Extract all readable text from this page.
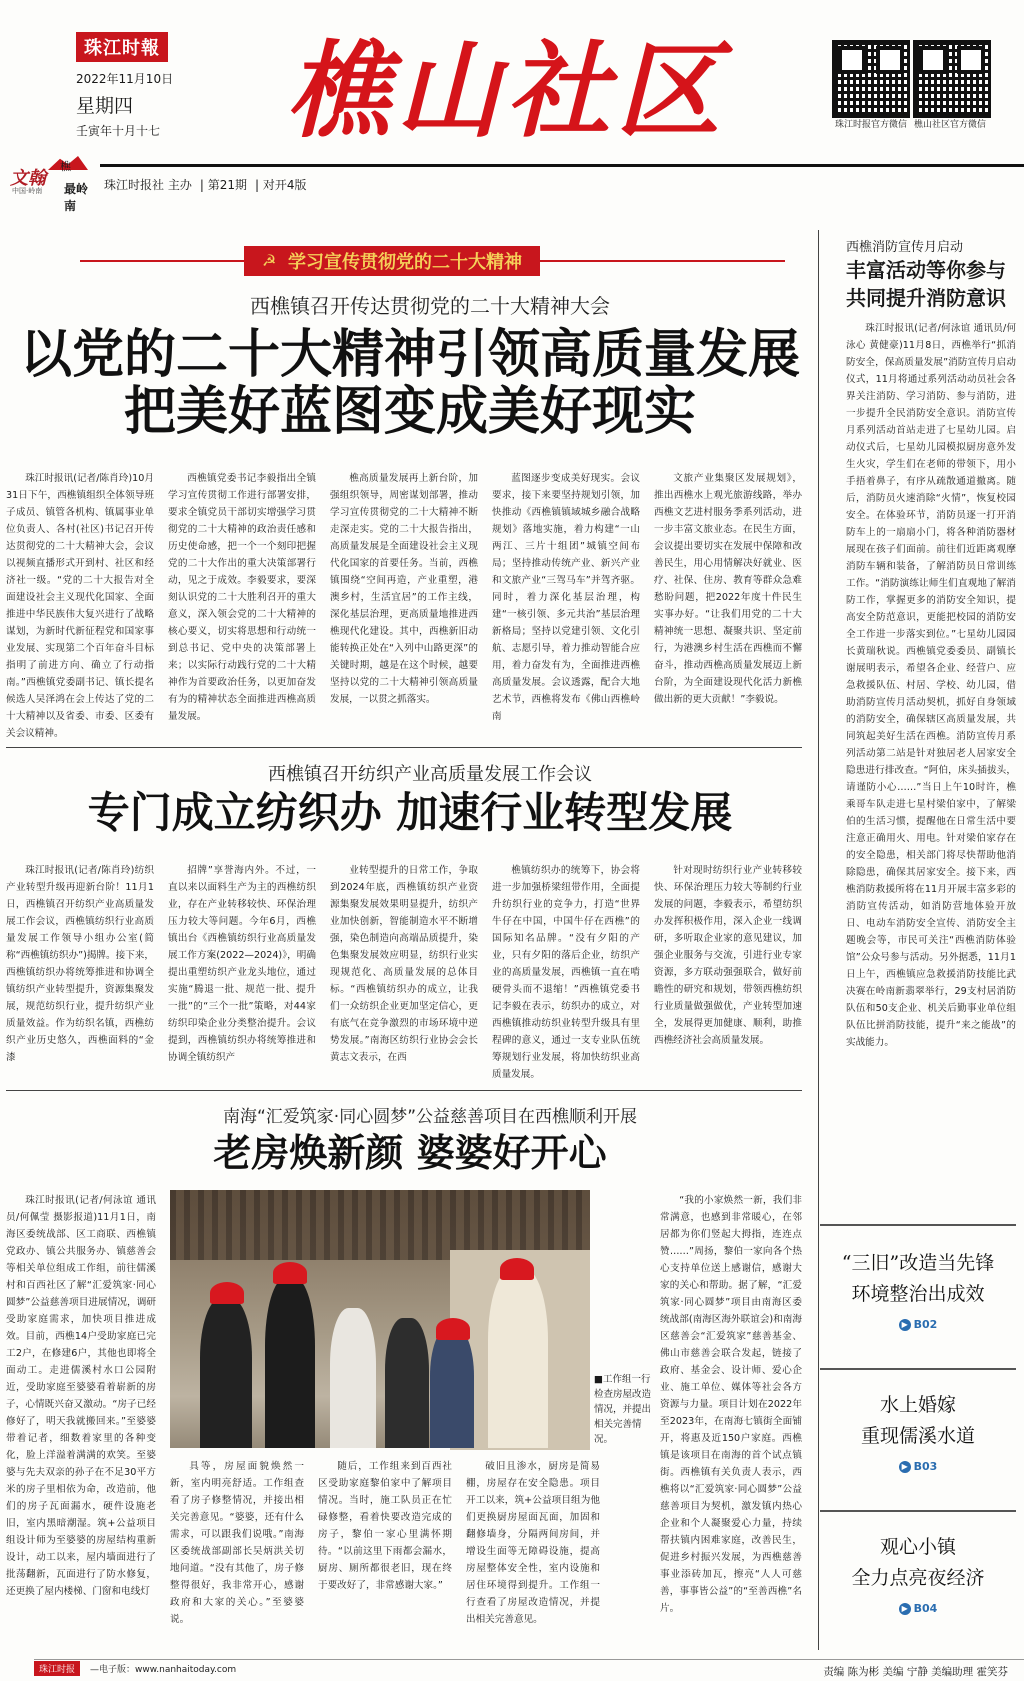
珠江时報
2022年11月10日
星期四
壬寅年十月十七 樵山社区	珠江时报官方微信 樵山社区官方微信
文翰
樵
中国·岭南 最岭南
珠江时报社 主办 | 第21期 | 对开4版
☭ 学习宣传贯彻党的二十大精神
西樵镇召开传达贯彻党的二十大精神大会
以党的二十大精神引领高质量发展
把美好蓝图变成美好现实

珠江时报讯(记者/陈肖玲)10月31日下午，西樵镇组织全体领导班子成员、镇管各机构、镇属事业单位负责人、各村(社区)书记召开传达贯彻党的二十大精神大会，会议以视频直播形式开到村、社区和经济社一级。“党的二十大报告对全面建设社会主义现代化国家、全面推进中华民族伟大复兴进行了战略谋划，为新时代新征程党和国家事业发展、实现第二个百年奋斗目标指明了前进方向、确立了行动指南。”西樵镇党委副书记、镇长提名候选人吴泽鸿在会上传达了党的二十大精神以及省委、市委、区委有关会议精神。

西樵镇党委书记李毅指出全镇学习宣传贯彻工作进行部署安排，要求全镇党员干部切实增强学习贯彻党的二十大精神的政治责任感和历史使命感，把一个一个刻印把握党的二十大作出的重大决策部署行动，见之于成效。李毅要求，要深刻认识党的二十大胜利召开的重大意义，深入领会党的二十大精神的核心要义，切实将思想和行动统一到总书记、党中央的决策部署上来；以实际行动践行党的二十大精神作为首要政治任务，以更加奋发有为的精神状态全面推进西樵高质量发展。

樵高质量发展再上新台阶，加强组织领导，周密谋划部署，推动学习宣传贯彻党的二十大精神不断走深走实。党的二十大报告指出，高质量发展是全面建设社会主义现代化国家的首要任务。当前，西樵镇围绕“空间再造，产业重塑，港澳乡村，生活宜居”的工作主线，深化基层治理，更高质量地推进西樵现代化建设。其中，西樵新旧动能转换正处在“入列中山路更深”的关键时期，越是在这个时候，越要坚持以党的二十大精神引领高质量发展，一以贯之抓落实。

蓝图逐步变成美好现实。会议要求，接下来要坚持规划引领，加快推动《西樵镇镇域城乡融合战略规划》落地实施，着力构建“一山两江、三片十组团”城镇空间布局；坚持推动传统产业、新兴产业和文旅产业“三驾马车”并驾齐驱。同时，着力深化基层治理，构建“一核引领、多元共治”基层治理新格局；坚持以党建引领、文化引航、志愿引导，着力推动智能合应用，着力奋发有为，全面推进西樵高质量发展。会议透露，配合大地艺术节，西樵将发布《佛山西樵岭南

文旅产业集聚区发展规划》，推出西樵水上观光旅游线路，举办西樵文艺进村服务季系列活动，进一步丰富文旅业态。在民生方面，会议提出要切实在发展中保障和改善民生，用心用情解决好就业、医疗、社保、住房、教育等群众急难愁盼问题，把2022年度十件民生实事办好。“让我们用党的二十大精神统一思想、凝聚共识、坚定前行，为港澳乡村生活在西樵而不懈奋斗，推动西樵高质量发展迈上新台阶，为全面建设现代化活力新樵做出新的更大贡献！”李毅说。

西樵镇召开纺织产业高质量发展工作会议
专门成立纺织办 加速行业转型发展

珠江时报讯(记者/陈肖玲)纺织产业转型升级再迎新台阶！11月1日，西樵镇召开纺织产业高质量发展工作会议，西樵镇纺织行业高质量发展工作领导小组办公室(简称“西樵镇纺织办”)揭牌。接下来，西樵镇纺织办将统筹推进和协调全镇纺织产业转型提升，资源集聚发展，规范纺织行业，提升纺织产业质量效益。作为纺织名镇，西樵纺织产业历史悠久，西樵面料的“金漆

招牌”享誉海内外。不过，一直以来以面料生产为主的西樵纺织业，存在产业转移较快、环保治理压力较大等问题。今年6月，西樵镇出台《西樵镇纺织行业高质量发展工作方案(2022—2024)》，明确提出重塑纺织产业龙头地位，通过实施“腾退一批、规范一批、提升一批”的“三个一批”策略，对44家纺织印染企业分类整治提升。会议提到，西樵镇纺织办将统筹推进和协调全镇纺织产

业转型提升的日常工作，争取到2024年底，西樵镇纺织产业资源集聚发展效果明显提升，纺织产业加快创新，智能制造水平不断增强，染色制造向高端品质提升，染色集聚发展效应明显，纺织行业实现规范化、高质量发展的总体目标。“西樵镇纺织办的成立，让我们一众纺织企业更加坚定信心，更有底气在竞争激烈的市场环境中逆势发展。”南海区纺织行业协会会长黄志文表示，在西

樵镇纺织办的统筹下，协会将进一步加强桥梁纽带作用，全面提升纺织行业的竞争力，打造“世界牛仔在中国，中国牛仔在西樵”的国际知名品牌。“没有夕阳的产业，只有夕阳的落后企业，纺织产业的高质量发展，西樵镇一直在啃硬骨头而不退缩！”西樵镇党委书记李毅在表示，纺织办的成立，对西樵镇推动纺织业转型升级具有里程碑的意义，通过一支专业队伍统筹规划行业发展，将加快纺织业高质量发展。

针对现时纺织行业产业转移较快、环保治理压力较大等制约行业发展的问题，李毅表示，希望纺织办发挥积极作用，深入企业一线调研，多听取企业家的意见建议，加强企业服务与交流，引进行业专家资源，多方联动强强联合，做好前瞻性的研究和规划，带领西樵纺织行业质量做强做优，产业转型加速全，发展得更加健康、顺利，助推西樵经济社会高质量发展。

南海“汇爱筑家·同心圆梦”公益慈善项目在西樵顺利开展
老房焕新颜 婆婆好开心

珠江时报讯(记者/何泳谊 通讯员/何佩莹 摄影报道)11月1日，南海区委统战部、区工商联、西樵镇党政办、镇公共服务办、镇慈善会等相关单位组成工作组，前往儒溪村和百西社区了解“汇爱筑家·同心圆梦”公益慈善项目进展情况，调研受助家庭需求，加快项目推进成效。目前，西樵14户受助家庭已完工2户，在修建6户，其他也即将全面动工。走进儒溪村水口公园附近，受助家庭至婆婆看着崭新的房子，心情既兴奋又激动。“房子已经修好了，明天我就搬回来。”至婆婆带着记者，细数着家里的各种变化，脸上洋溢着满满的欢笑。至婆婆与先夫双亲的孙子在不足30平方米的房子里相依为命，改造前，他们的房子瓦面漏水，硬件设施老旧，室内黑暗潮湿。筑+公益项目组设计师为至婆婆的房屋结构重新设计，动工以来，屋内墙面进行了批荡翻新，瓦面进行了防水修复，还更换了屋内楼梯、门窗和电线灯

■工作组一行检查房屋改造情况，并提出相关完善情况。

具等，房屋面貌焕然一新，室内明亮舒适。工作组查看了房子修整情况，并接出相关完善意见。“婆婆，还有什么需求，可以跟我们说哦。”南海区委统战部副部长吴炳洪关切地问道。“没有其他了，房子修整得很好，我非常开心，感谢政府和大家的关心。”至婆婆说。

随后，工作组来到百西社区受助家庭黎伯家中了解项目情况。当时，施工队员正在忙碌修整，看着快要改造完成的房子，黎伯一家心里满怀期待。“以前这里下雨都会漏水，厨房、厕所都很老旧，现在终于要改好了，非常感谢大家。”

破旧且渗水，厨房是简易棚，房屋存在安全隐患。项目开工以来，筑+公益项目组为他们更换厨房屋面瓦面，加固和翻修墙身，分隔两间房间，并增设生面等无障碍设施，提高房屋整体安全性，室内设施和居住环境得到提升。工作组一行查看了房屋改造情况，并提出相关完善意见。

“我的小家焕然一新，我们非常满意，也感到非常暖心，在邻居都为你们竖起大拇指，连连点赞……”周扬，黎伯一家向各个热心支持单位送上感谢信，感谢大家的关心和帮助。据了解，“汇爱筑家·同心圆梦”项目由南海区委统战部(南海区海外联谊会)和南海区慈善会“汇爱筑家”慈善基金、佛山市慈善会联合发起，链接了政府、基金会、设计师、爱心企业、施工单位、媒体等社会各方资源与力量。项目计划在2022年至2023年，在南海七镇街全面铺开，将惠及近150户家庭。西樵镇是该项目在南海的首个试点镇街。西樵镇有关负责人表示，西樵将以“汇爱筑家·同心圆梦”公益慈善项目为契机，激发镇内热心企业和个人凝聚爱心力量，持续帮扶镇内困难家庭，改善民生，促进乡村振兴发展，为西樵慈善事业添砖加瓦，擦亮“人人可慈善，事事皆公益”的“至善西樵”名片。

西樵消防宣传月启动
丰富活动等你参与 共同提升消防意识

珠江时报讯(记者/何泳谊 通讯员/何泳心 黄健豪)11月8日，西樵举行“抓消防安全，保高质量发展”消防宣传月启动仪式，11月将通过系列活动动员社会各界关注消防、学习消防、参与消防，进一步提升全民消防安全意识。消防宣传月系列活动首站走进了七星幼儿园。启动仪式后，七星幼儿园模拟厨房意外发生火灾，学生们在老师的带领下，用小手捂着鼻子，有序从疏散通道撤离。随后，消防员火速消除“火情”，恢复校园安全。在体验环节，消防员逐一打开消防车上的一扇扇小门，将各种消防器材展现在孩子们面前。前往们近距离观摩消防车辆和装备，了解消防员日常训练工作。“消防演练让师生们直观地了解消防工作，掌握更多的消防安全知识，提高安全防范意识，更能把校园的消防安全工作进一步落实到位。”七星幼儿园园长黄瑞秋说。西樵镇党委委员、副镇长谢展明表示，希望各企业、经营户、应急救援队伍、村居、学校、幼儿园，借助消防宣传月活动契机，抓好自身领域的消防安全，确保辖区高质量发展，共同筑起美好生活在西樵。消防宣传月系列活动第二站是针对独居老人居家安全隐患进行排改查。“阿伯，床头插拔头，请谨防小心……”当日上午10时许，樵乘哥车队走进七星村梁伯家中，了解梁伯的生活习惯，提醒他在日常生活中要注意正确用火、用电。针对梁伯家存在的安全隐患，相关部门将尽快帮助他消除隐患，确保其居家安全。接下来，西樵消防救援所将在11月开展丰富多彩的消防宣传活动，如消防营地体验开放日、电动车消防安全宣传、消防安全主题晚会等，市民可关注“西樵消防体验馆”公众号参与活动。另外据悉，11月1日上午，西樵镇应急救援消防技能比武决赛在岭南新翡翠举行，29支村居消防队伍和50支企业、机关后勤事业单位组队伍比拼消防技能，提升“来之能战”的实战能力。

“三旧”改造当先锋
环境整治出成效
▶ B02
水上婚嫁
重现儒溪水道
▶ B03
观心小镇
全力点亮夜经济
▶ B04
珠江时报	—电子版：www.nanhaitoday.com	责编 陈为彬 美编 宁静 美编助理 霍笑芬
